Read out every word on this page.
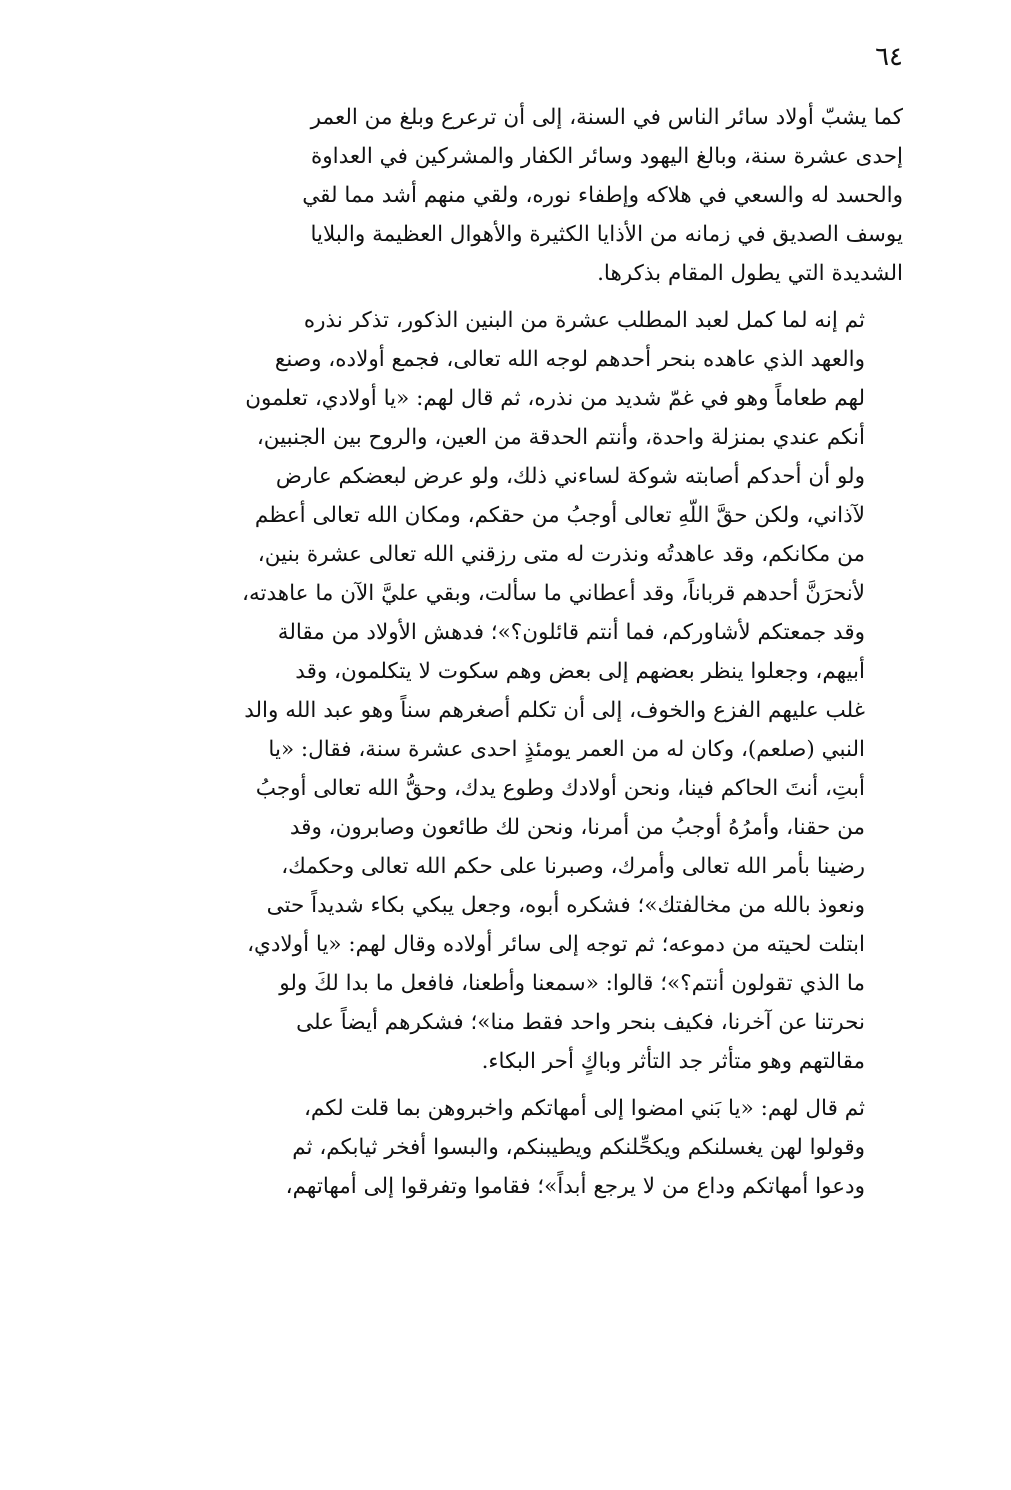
٦٤

كما يشبّ أولاد سائر الناس في السنة، إلى أن ترعرع وبلغ من العمر
إحدى عشرة سنة، وبالغ اليهود وسائر الكفار والمشركين في العداوة
والحسد له والسعي في هلاكه وإطفاء نوره، ولقي منهم أشد مما لقي
يوسف الصديق في زمانه من الأذايا الكثيرة والأهوال العظيمة والبلايا
الشديدة التي يطول المقام بذكرها.

ثم إنه لما كمل لعبد المطلب عشرة من البنين الذكور، تذكر نذره
والعهد الذي عاهده بنحر أحدهم لوجه الله تعالى، فجمع أولاده، وصنع
لهم طعاماً وهو في غمّ شديد من نذره، ثم قال لهم: «يا أولادي، تعلمون
أنكم عندي بمنزلة واحدة، وأنتم الحدقة من العين، والروح بين الجنبين،
ولو أن أحدكم أصابته شوكة لساءني ذلك، ولو عرض لبعضكم عارض
لآذاني، ولكن حقَّ اللّهِ تعالى أوجبُ من حقكم، ومكان الله تعالى أعظم
من مكانكم، وقد عاهدتُه ونذرت له متى رزقني الله تعالى عشرة بنين،
لأنحرَنَّ أحدهم قرباناً، وقد أعطاني ما سألت، وبقي عليَّ الآن ما عاهدته،
وقد جمعتكم لأشاوركم، فما أنتم قائلون؟»؛ فدهش الأولاد من مقالة
أبيهم، وجعلوا ينظر بعضهم إلى بعض وهم سكوت لا يتكلمون، وقد
غلب عليهم الفزع والخوف، إلى أن تكلم أصغرهم سناً وهو عبد الله والد
النبي (صلعم)، وكان له من العمر يومئذٍ احدى عشرة سنة، فقال: «يا
أبتِ، أنتَ الحاكم فينا، ونحن أولادك وطوع يدك، وحقُّ الله تعالى أوجبُ
من حقنا، وأمرُهُ أوجبُ من أمرنا، ونحن لك طائعون وصابرون، وقد
رضينا بأمر الله تعالى وأمرك، وصبرنا على حكم الله تعالى وحكمك،
ونعوذ بالله من مخالفتك»؛ فشكره أبوه، وجعل يبكي بكاء شديداً حتى
ابتلت لحيته من دموعه؛ ثم توجه إلى سائر أولاده وقال لهم: «يا أولادي،
ما الذي تقولون أنتم؟»؛ قالوا: «سمعنا وأطعنا، فافعل ما بدا لكَ ولو
نحرتنا عن آخرنا، فكيف بنحر واحد فقط منا»؛ فشكرهم أيضاً على
مقالتهم وهو متأثر جد التأثر وباكٍ أحر البكاء.

ثم قال لهم: «يا بَني امضوا إلى أمهاتكم واخبروهن بما قلت لكم،
وقولوا لهن يغسلنكم ويكحِّلنكم ويطيبنكم، والبسوا أفخر ثيابكم، ثم
ودعوا أمهاتكم وداع من لا يرجع أبداً»؛ فقاموا وتفرقوا إلى أمهاتهم،
